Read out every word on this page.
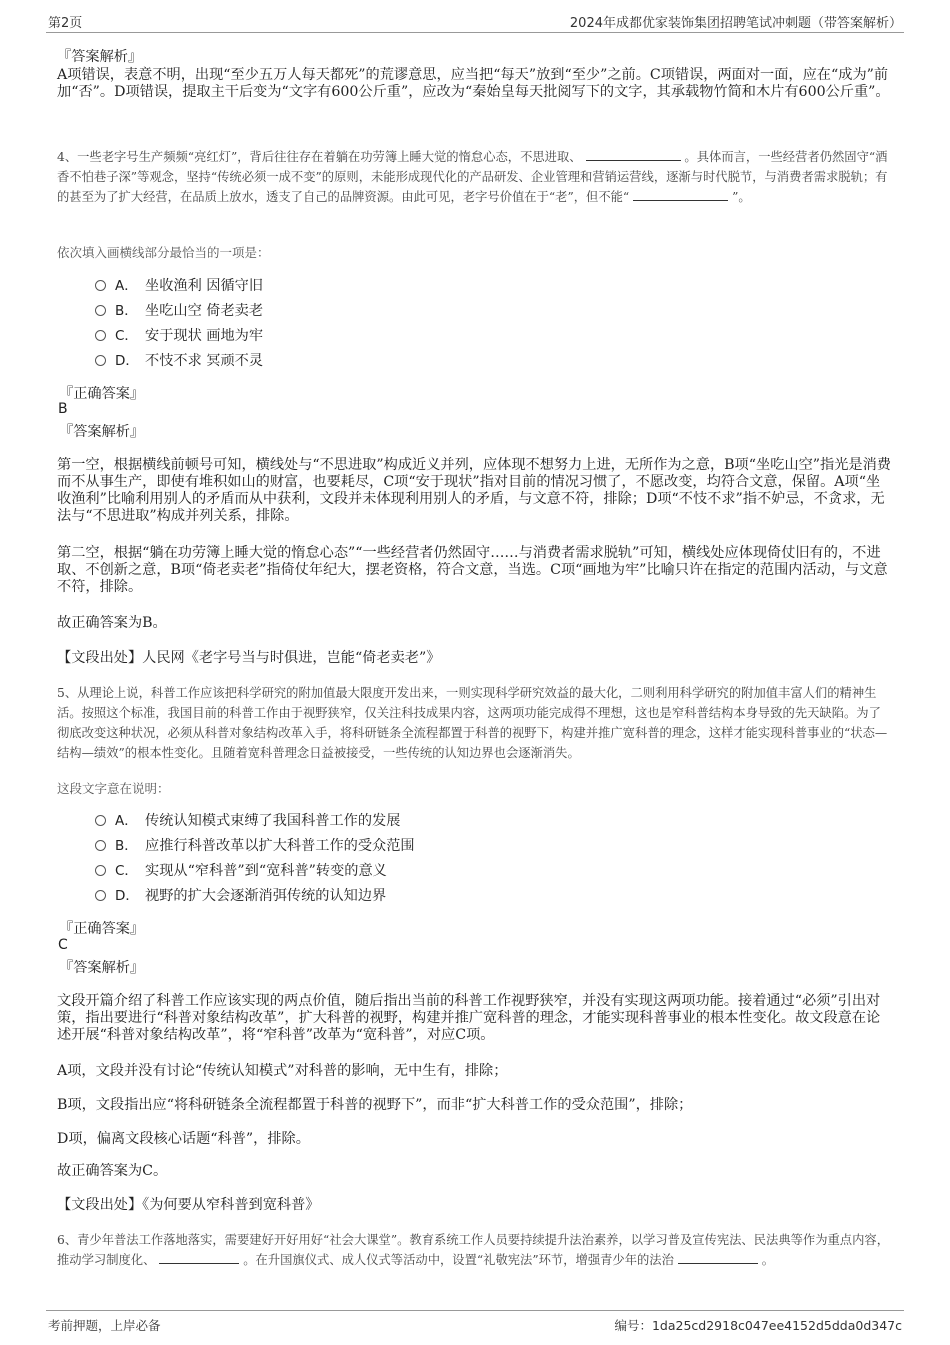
第2页	2024年成都优家装饰集团招聘笔试冲刺题（带答案解析）
『答案解析』
A项错误，表意不明，出现“至少五万人每天都死”的荒谬意思，应当把“每天”放到“至少”之前。C项错误，两面对一面，应在“成为”前加“否”。D项错误，提取主干后变为“文字有600公斤重”，应改为“秦始皇每天批阅写下的文字，其承载物竹简和木片有600公斤重”。
4、一些老字号生产频频“亮红灯”，背后往往存在着躺在功劳簿上睡大觉的惰怠心态，不思进取、	。具体而言，一些经营者仍然固守“酒香不怕巷子深”等观念，坚持“传统必须一成不变”的原则，未能形成现代化的产品研发、企业管理和营销运营线，逐渐与时代脱节，与消费者需求脱轨；有的甚至为了扩大经营，在品质上放水，透支了自己的品牌资源。由此可见，老字号价值在于“老”，但不能“	”。
依次填入画横线部分最恰当的一项是：
A． 坐收渔利 因循守旧
B． 坐吃山空 倚老卖老
C． 安于现状 画地为牢
D． 不忮不求 冥顽不灵
『正确答案』
B
『答案解析』
第一空，根据横线前顿号可知，横线处与“不思进取”构成近义并列，应体现不想努力上进，无所作为之意，B项“坐吃山空”指光是消费而不从事生产，即使有堆积如山的财富，也要耗尽，C项“安于现状”指对目前的情况习惯了，不愿改变，均符合文意，保留。A项“坐收渔利”比喻利用别人的矛盾而从中获利，文段并未体现利用别人的矛盾，与文意不符，排除；D项“不忮不求”指不妒忌，不贪求，无法与“不思进取”构成并列关系，排除。
第二空，根据“躺在功劳簿上睡大觉的惰怠心态”“一些经营者仍然固守……与消费者需求脱轨”可知，横线处应体现倚仗旧有的，不进取、不创新之意，B项“倚老卖老”指倚仗年纪大，摆老资格，符合文意，当选。C项“画地为牢”比喻只许在指定的范围内活动，与文意不符，排除。
故正确答案为B。
【文段出处】人民网《老字号当与时俱进，岂能“倚老卖老”》
5、从理论上说，科普工作应该把科学研究的附加值最大限度开发出来，一则实现科学研究效益的最大化，二则利用科学研究的附加值丰富人们的精神生活。按照这个标准，我国目前的科普工作由于视野狭窄，仅关注科技成果内容，这两项功能完成得不理想，这也是窄科普结构本身导致的先天缺陷。为了彻底改变这种状况，必须从科普对象结构改革入手，将科研链条全流程都置于科普的视野下，构建并推广宽科普的理念，这样才能实现科普事业的“状态—结构—绩效”的根本性变化。且随着宽科普理念日益被接受，一些传统的认知边界也会逐渐消失。
这段文字意在说明：
A． 传统认知模式束缚了我国科普工作的发展
B． 应推行科普改革以扩大科普工作的受众范围
C． 实现从“窄科普”到“宽科普”转变的意义
D． 视野的扩大会逐渐消弭传统的认知边界
『正确答案』
C
『答案解析』
文段开篇介绍了科普工作应该实现的两点价值，随后指出当前的科普工作视野狭窄，并没有实现这两项功能。接着通过“必须”引出对策，指出要进行“科普对象结构改革”，扩大科普的视野，构建并推广宽科普的理念，才能实现科普事业的根本性变化。故文段意在论述开展“科普对象结构改革”，将“窄科普”改革为“宽科普”，对应C项。
A项，文段并没有讨论“传统认知模式”对科普的影响，无中生有，排除；
B项，文段指出应“将科研链条全流程都置于科普的视野下”，而非“扩大科普工作的受众范围”，排除；
D项，偏离文段核心话题“科普”，排除。
故正确答案为C。
【文段出处】《为何要从窄科普到宽科普》
6、青少年普法工作落地落实，需要建好开好用好“社会大课堂”。教育系统工作人员要持续提升法治素养，以学习普及宣传宪法、民法典等作为重点内容，推动学习制度化、	。在升国旗仪式、成人仪式等活动中，设置“礼敬宪法”环节，增强青少年的法治	。
考前押题，上岸必备	编号：1da25cd2918c047ee4152d5dda0d347c
